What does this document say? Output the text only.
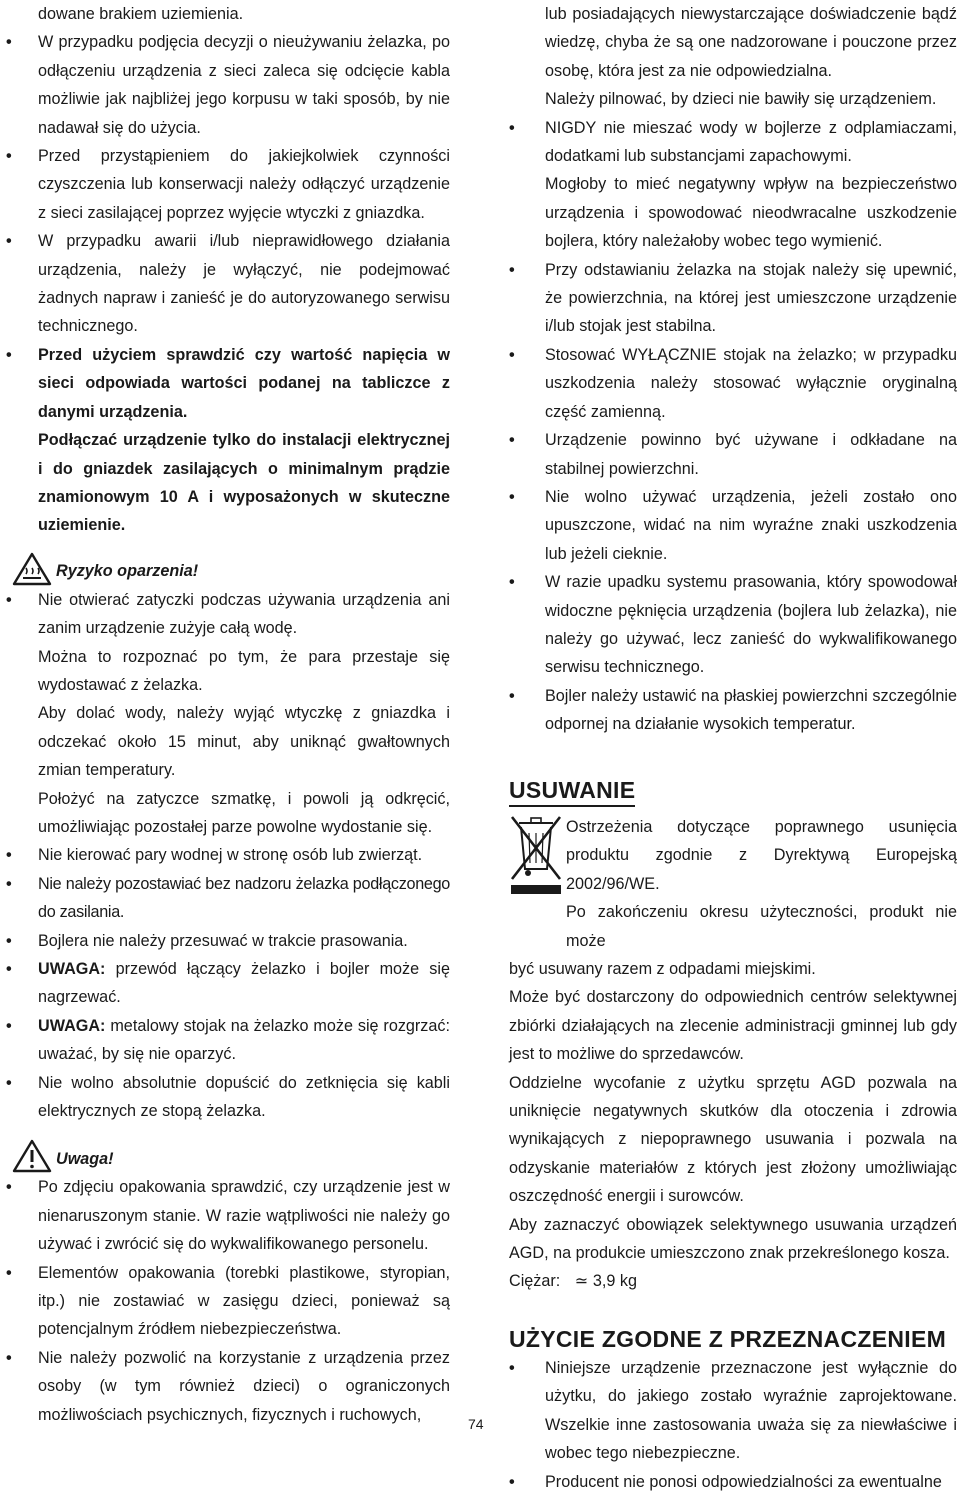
dowane brakiem uziemienia.

• W przypadku podjęcia decyzji o nieużywaniu żelazka, po odłączeniu urządzenia z sieci zaleca się odcięcie kabla możliwie jak najbliżej jego korpusu w taki sposób, by nie nadawał się do użycia.
• Przed przystąpieniem do jakiejkolwiek czynności czyszczenia lub konserwacji należy odłączyć urządzenie z sieci zasilającej poprzez wyjęcie wtyczki z gniazdka.
• W przypadku awarii i/lub nieprawidłowego działania urządzenia, należy je wyłączyć, nie podejmować żadnych napraw i zanieść je do autoryzowanego serwisu technicznego.
• Przed użyciem sprawdzić czy wartość napięcia w sieci odpowiada wartości podanej na tabliczce z danymi urządzenia.

Podłączać urządzenie tylko do instalacji elektrycznej i do gniazdek zasilających o minimalnym prądzie znamionowym 10 A i wyposażonych w skuteczne uziemienie.

Ryzyko oparzenia!
• Nie otwierać zatyczki podczas używania urządzenia ani zanim urządzenie zużyje całą wodę.

Można to rozpoznać po tym, że para przestaje się wydostawać z żelazka.

Aby dolać wody, należy wyjąć wtyczkę z gniazdka i odczekać około 15 minut, aby uniknąć gwałtownych zmian temperatury.

Położyć na zatyczce szmatkę, i powoli ją odkręcić, umożliwiając pozostałej parze powolne wydostanie się.

• Nie kierować pary wodnej w stronę osób lub zwierząt.
• Nie należy pozostawiać bez nadzoru żelazka podłączonego do zasilania.
• Bojlera nie należy przesuwać w trakcie prasowania.
• UWAGA: przewód łączący żelazko i bojler może się nagrzewać.
• UWAGA: metalowy stojak na żelazko może się rozgrzać: uważać, by się nie oparzyć.
• Nie wolno absolutnie dopuścić do zetknięcia się kabli elektrycznych ze stopą żelazka.
Uwaga!
• Po zdjęciu opakowania sprawdzić, czy urządzenie jest w nienaruszonym stanie. W razie wątpliwości nie należy go używać i zwrócić się do wykwalifikowanego personelu.
• Elementów opakowania (torebki plastikowe, styropian, itp.) nie zostawiać w zasięgu dzieci, ponieważ są potencjalnym źródłem niebezpieczeństwa.
• Nie należy pozwolić na korzystanie z urządzenia przez osoby (w tym również dzieci) o ograniczonych możliwościach psychicznych, fizycznych i ruchowych,

lub posiadających niewystarczające doświadczenie bądź wiedzę, chyba że są one nadzorowane i pouczone przez osobę, która jest za nie odpowiedzialna.

Należy pilnować, by dzieci nie bawiły się urządzeniem.

• NIGDY nie mieszać wody w bojlerze z odplamiaczami, dodatkami lub substancjami zapachowymi.

Mogłoby to mieć negatywny wpływ na bezpieczeństwo urządzenia i spowodować nieodwracalne uszkodzenie bojlera, który należałoby wobec tego wymienić.

• Przy odstawianiu żelazka na stojak należy się upewnić, że powierzchnia, na której jest umieszczone urządzenie i/lub stojak jest stabilna.
• Stosować WYŁĄCZNIE stojak na żelazko; w przypadku uszkodzenia należy stosować wyłącznie oryginalną część zamienną.
• Urządzenie powinno być używane i odkładane na stabilnej powierzchni.
• Nie wolno używać urządzenia, jeżeli zostało ono upuszczone, widać na nim wyraźne znaki uszkodzenia lub jeżeli cieknie.
• W razie upadku systemu prasowania, który spowodował widoczne pęknięcia urządzenia (bojlera lub żelazka), nie należy go używać, lecz zanieść do wykwalifikowanego serwisu technicznego.
• Bojler należy ustawić na płaskiej powierzchni szczególnie odpornej na działanie wysokich temperatur.
USUWANIE

Ostrzeżenia dotyczące poprawnego usunięcia produktu zgodnie z Dyrektywą Europejską 2002/96/WE.

Po zakończeniu okresu użyteczności, produkt nie może

być usuwany razem z odpadami miejskimi.

Może być dostarczony do odpowiednich centrów selektywnej zbiórki działających na zlecenie administracji gminnej lub gdy jest to możliwe do sprzedawców.

Oddzielne wycofanie z użytku sprzętu AGD pozwala na uniknięcie negatywnych skutków dla otoczenia i zdrowia wynikających z niepoprawnego usuwania i pozwala na odzyskanie materiałów z których jest złożony umożliwiając oszczędność energii i surowców.

Aby zaznaczyć obowiązek selektywnego usuwania urządzeń AGD, na produkcie umieszczono znak przekreślonego kosza.

Ciężar: ≃ 3,9 kg

UŻYCIE ZGODNE Z PRZEZNACZENIEM
• Niniejsze urządzenie przeznaczone jest wyłącznie do użytku, do jakiego zostało wyraźnie zaprojektowane. Wszelkie inne zastosowania uważa się za niewłaściwe i wobec tego niebezpieczne.
• Producent nie ponosi odpowiedzialności za ewentualne
74
